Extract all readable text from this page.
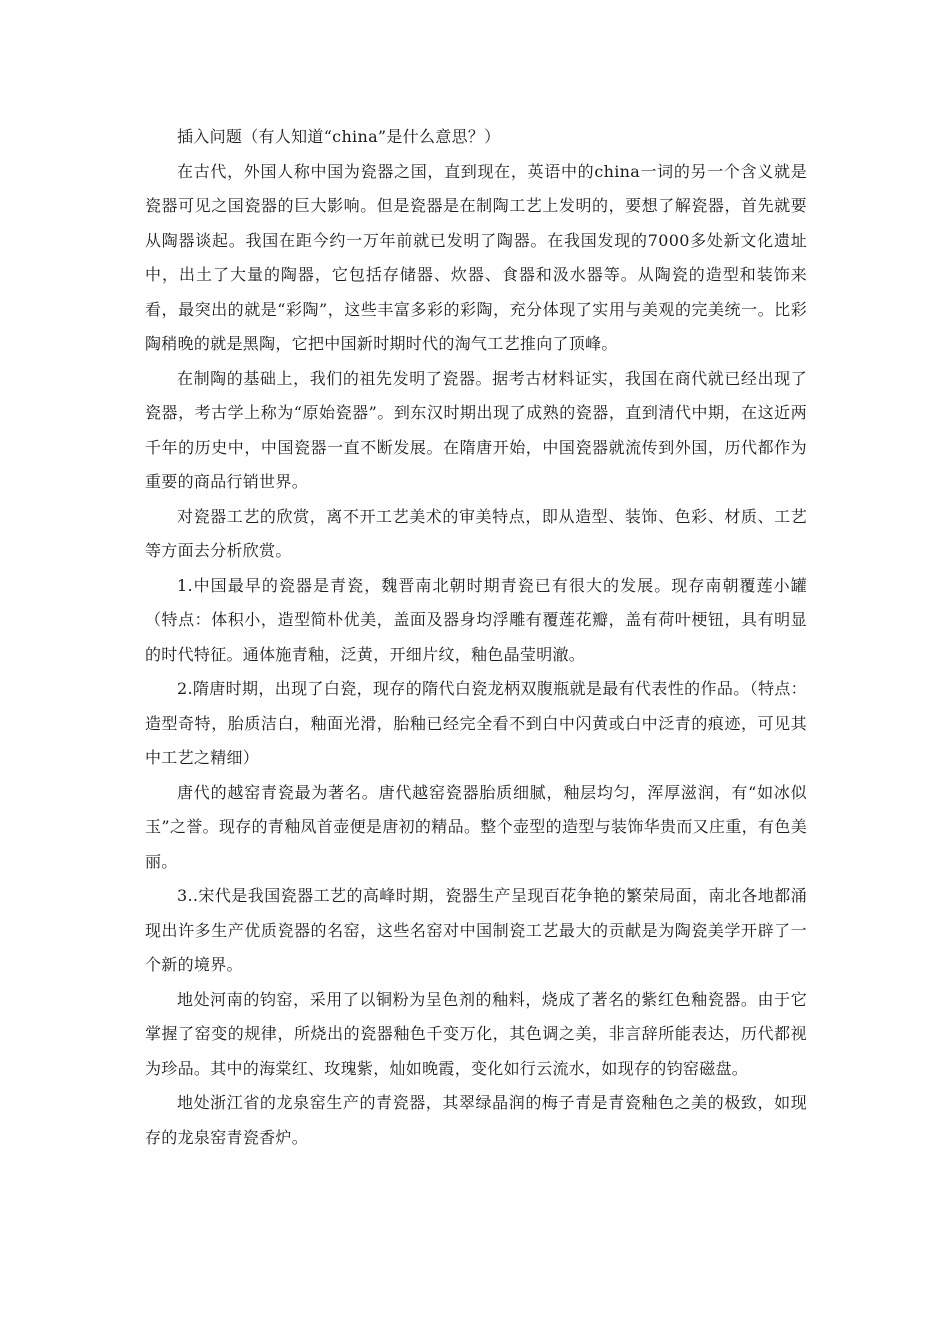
插入问题（有人知道“china”是什么意思？）

在古代，外国人称中国为瓷器之国，直到现在，英语中的china一词的另一个含义就是瓷器可见之国瓷器的巨大影响。但是瓷器是在制陶工艺上发明的，要想了解瓷器，首先就要从陶器谈起。我国在距今约一万年前就已发明了陶器。在我国发现的7000多处新文化遗址中，出土了大量的陶器，它包括存储器、炊器、食器和汲水器等。从陶瓷的造型和装饰来看，最突出的就是“彩陶”，这些丰富多彩的彩陶，充分体现了实用与美观的完美统一。比彩陶稍晚的就是黑陶，它把中国新时期时代的淘气工艺推向了顶峰。

在制陶的基础上，我们的祖先发明了瓷器。据考古材料证实，我国在商代就已经出现了瓷器，考古学上称为“原始瓷器”。到东汉时期出现了成熟的瓷器，直到清代中期，在这近两千年的历史中，中国瓷器一直不断发展。在隋唐开始，中国瓷器就流传到外国，历代都作为重要的商品行销世界。

对瓷器工艺的欣赏，离不开工艺美术的审美特点，即从造型、装饰、色彩、材质、工艺等方面去分析欣赏。

1.中国最早的瓷器是青瓷，魏晋南北朝时期青瓷已有很大的发展。现存南朝覆莲小罐（特点：体积小，造型简朴优美，盖面及器身均浮雕有覆莲花瓣，盖有荷叶梗钮，具有明显的时代特征。通体施青釉，泛黄，开细片纹，釉色晶莹明澈。

2.隋唐时期，出现了白瓷，现存的隋代白瓷龙柄双腹瓶就是最有代表性的作品。（特点：造型奇特，胎质洁白，釉面光滑，胎釉已经完全看不到白中闪黄或白中泛青的痕迹，可见其中工艺之精细）

唐代的越窑青瓷最为著名。唐代越窑瓷器胎质细腻，釉层均匀，浑厚滋润，有“如冰似玉”之誉。现存的青釉凤首壶便是唐初的精品。整个壶型的造型与装饰华贵而又庄重，有色美丽。

3..宋代是我国瓷器工艺的高峰时期，瓷器生产呈现百花争艳的繁荣局面，南北各地都涌现出许多生产优质瓷器的名窑，这些名窑对中国制瓷工艺最大的贡献是为陶瓷美学开辟了一个新的境界。

地处河南的钧窑，采用了以铜粉为呈色剂的釉料，烧成了著名的紫红色釉瓷器。由于它掌握了窑变的规律，所烧出的瓷器釉色千变万化，其色调之美，非言辞所能表达，历代都视为珍品。其中的海棠红、玫瑰紫，灿如晚霞，变化如行云流水，如现存的钧窑磁盘。

地处浙江省的龙泉窑生产的青瓷器，其翠绿晶润的梅子青是青瓷釉色之美的极致，如现存的龙泉窑青瓷香炉。
